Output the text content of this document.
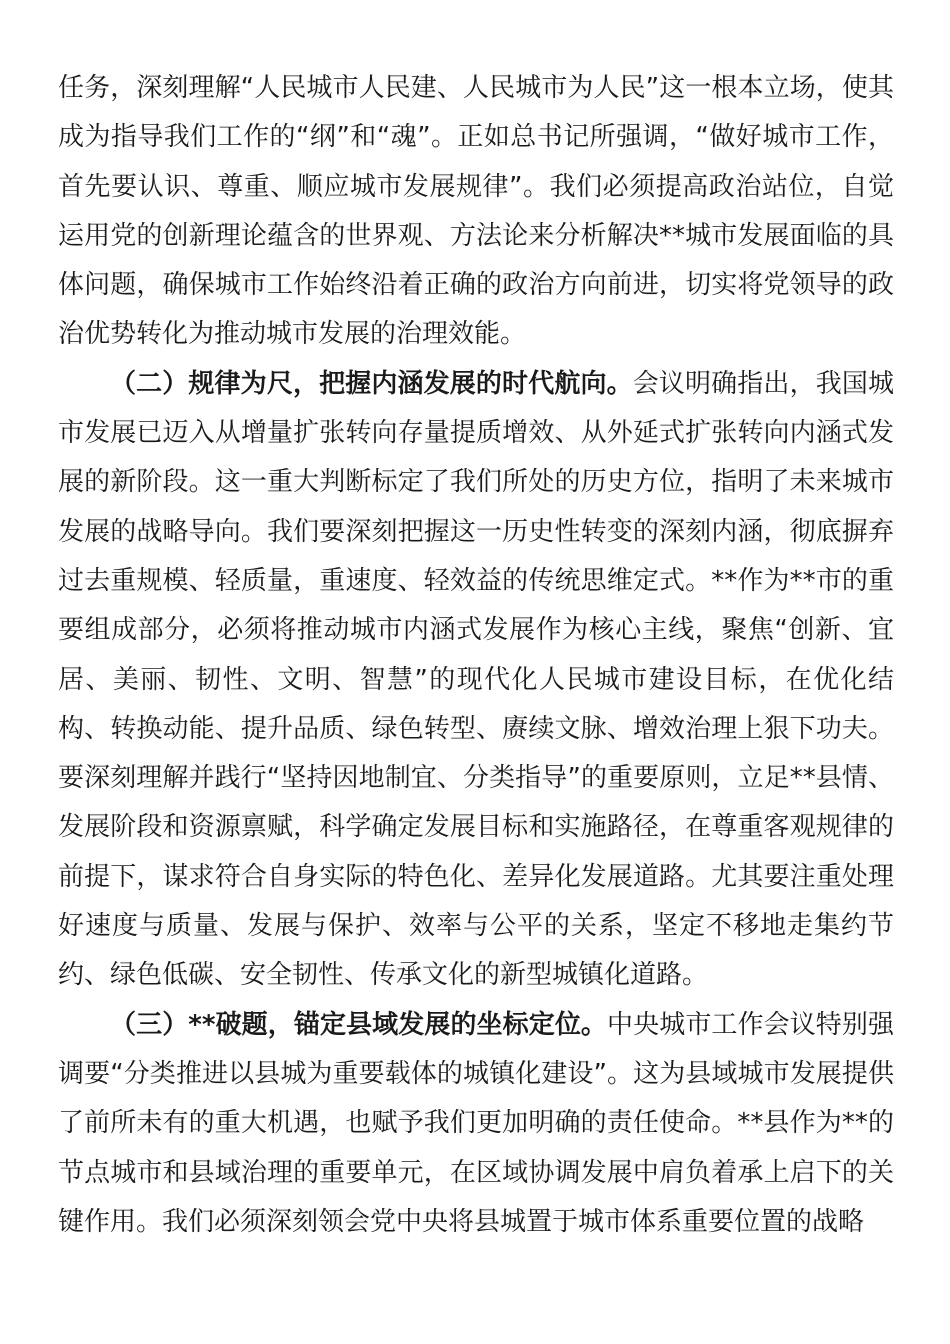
任务，深刻理解“人民城市人民建、人民城市为人民”这一根本立场，使其成为指导我们工作的“纲”和“魂”。正如总书记所强调，“做好城市工作，首先要认识、尊重、顺应城市发展规律”。我们必须提高政治站位，自觉运用党的创新理论蕴含的世界观、方法论来分析解决**城市发展面临的具体问题，确保城市工作始终沿着正确的政治方向前进，切实将党领导的政治优势转化为推动城市发展的治理效能。

（二）规律为尺，把握内涵发展的时代航向。会议明确指出，我国城市发展已迈入从增量扩张转向存量提质增效、从外延式扩张转向内涵式发展的新阶段。这一重大判断标定了我们所处的历史方位，指明了未来城市发展的战略导向。我们要深刻把握这一历史性转变的深刻内涵，彻底摒弃过去重规模、轻质量，重速度、轻效益的传统思维定式。**作为**市的重要组成部分，必须将推动城市内涵式发展作为核心主线，聚焦“创新、宜居、美丽、韧性、文明、智慧”的现代化人民城市建设目标，在优化结构、转换动能、提升品质、绿色转型、赓续文脉、增效治理上狠下功夫。要深刻理解并践行“坚持因地制宜、分类指导”的重要原则，立足**县情、发展阶段和资源禀赋，科学确定发展目标和实施路径，在尊重客观规律的前提下，谋求符合自身实际的特色化、差异化发展道路。尤其要注重处理好速度与质量、发展与保护、效率与公平的关系，坚定不移地走集约节约、绿色低碳、安全韧性、传承文化的新型城镇化道路。

（三）**破题，锚定县域发展的坐标定位。中央城市工作会议特别强调要“分类推进以县城为重要载体的城镇化建设”。这为县域城市发展提供了前所未有的重大机遇，也赋予我们更加明确的责任使命。**县作为**的节点城市和县域治理的重要单元，在区域协调发展中肩负着承上启下的关键作用。我们必须深刻领会党中央将县城置于城市体系重要位置的战略
